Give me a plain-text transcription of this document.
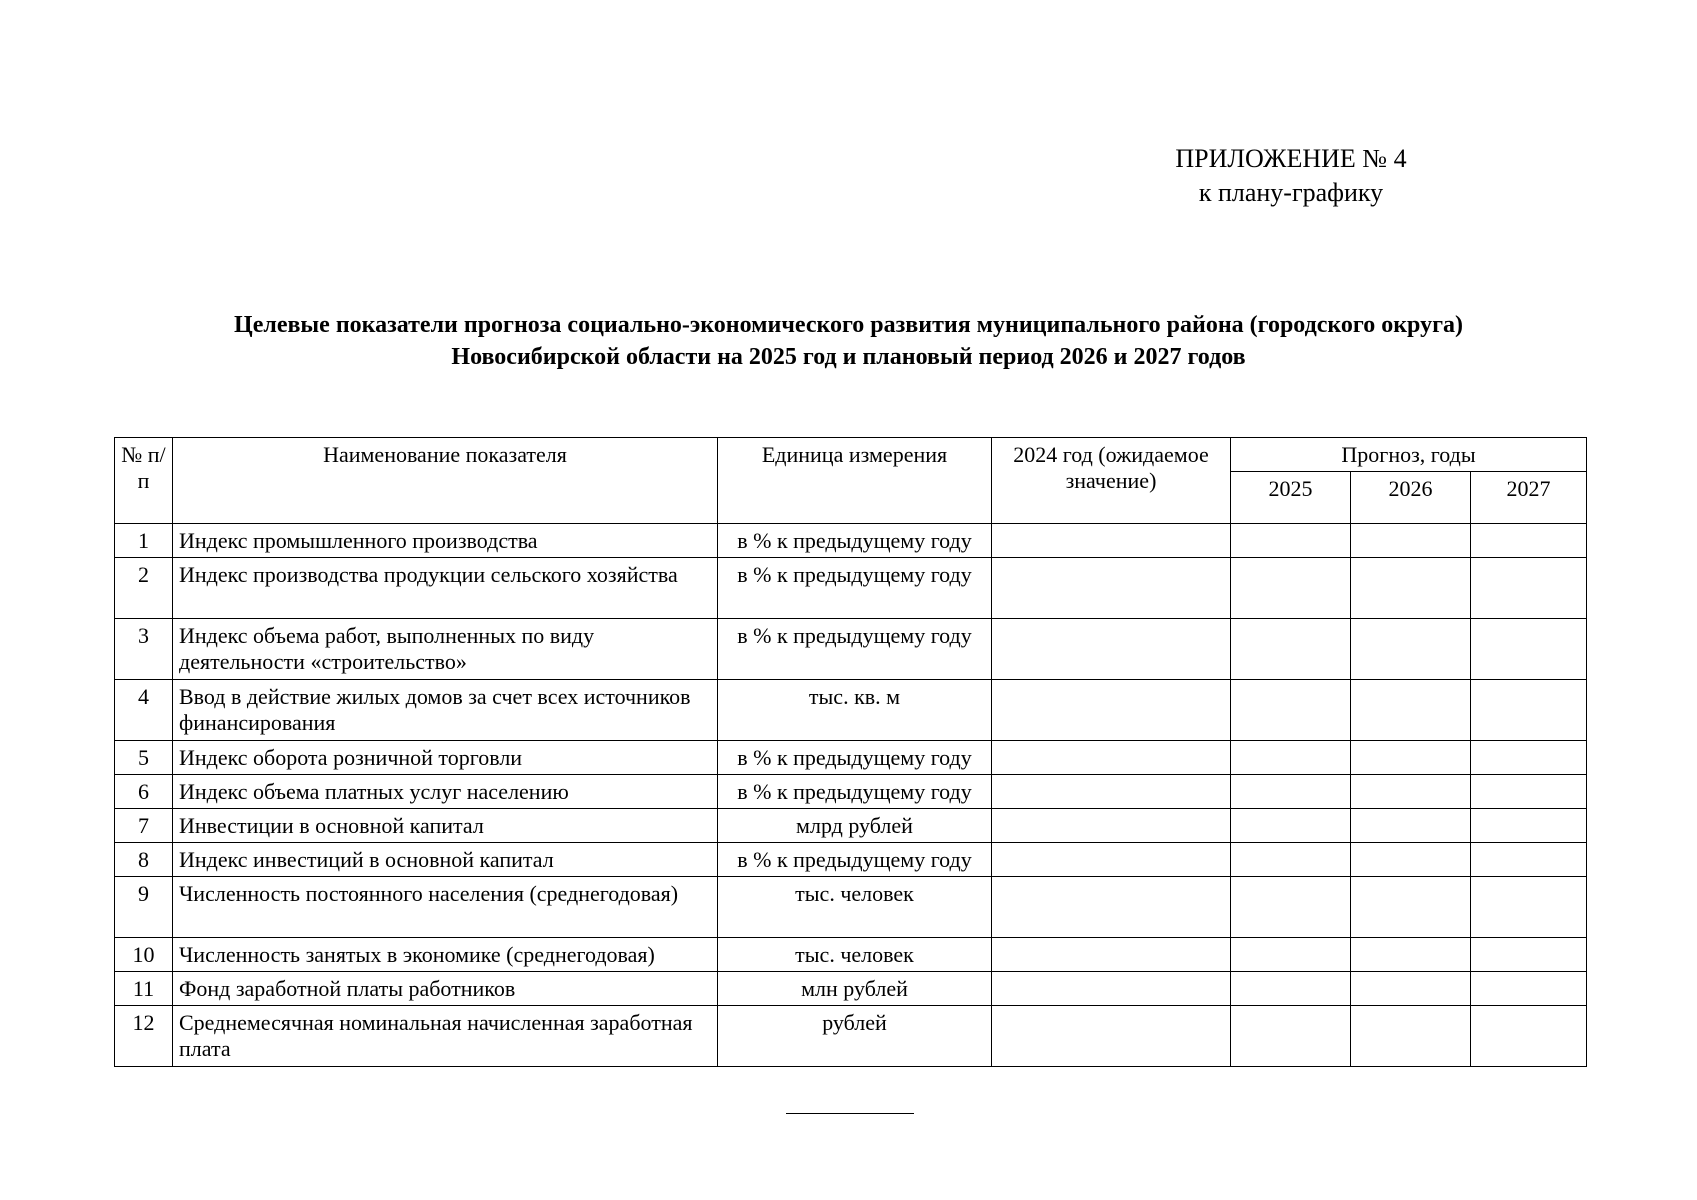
ПРИЛОЖЕНИЕ № 4
к плану-графику
Целевые показатели прогноза социально-экономического развития муниципального района (городского округа)
Новосибирской области на 2025 год и плановый период 2026 и 2027 годов
№ п/п	Наименование показателя	Единица измерения	2024 год (ожидаемое значение)	Прогноз, годы		
				2025	2026	2027
1	Индекс промышленного производства	в % к предыдущему году				
2	Индекс производства продукции сельского хозяйства	в % к предыдущему году				
3	Индекс объема работ, выполненных по виду деятельности «строительство»	в % к предыдущему году				
4	Ввод в действие жилых домов за счет всех источников финансирования	тыс. кв. м				
5	Индекс оборота розничной торговли	в % к предыдущему году				
6	Индекс объема платных услуг населению	в % к предыдущему году				
7	Инвестиции в основной капитал	млрд рублей				
8	Индекс инвестиций в основной капитал	в % к предыдущему году				
9	Численность постоянного населения (среднегодовая)	тыс. человек				
10	Численность занятых в экономике (среднегодовая)	тыс. человек				
11	Фонд заработной платы работников	млн рублей				
12	Среднемесячная номинальная начисленная заработная плата	рублей				
